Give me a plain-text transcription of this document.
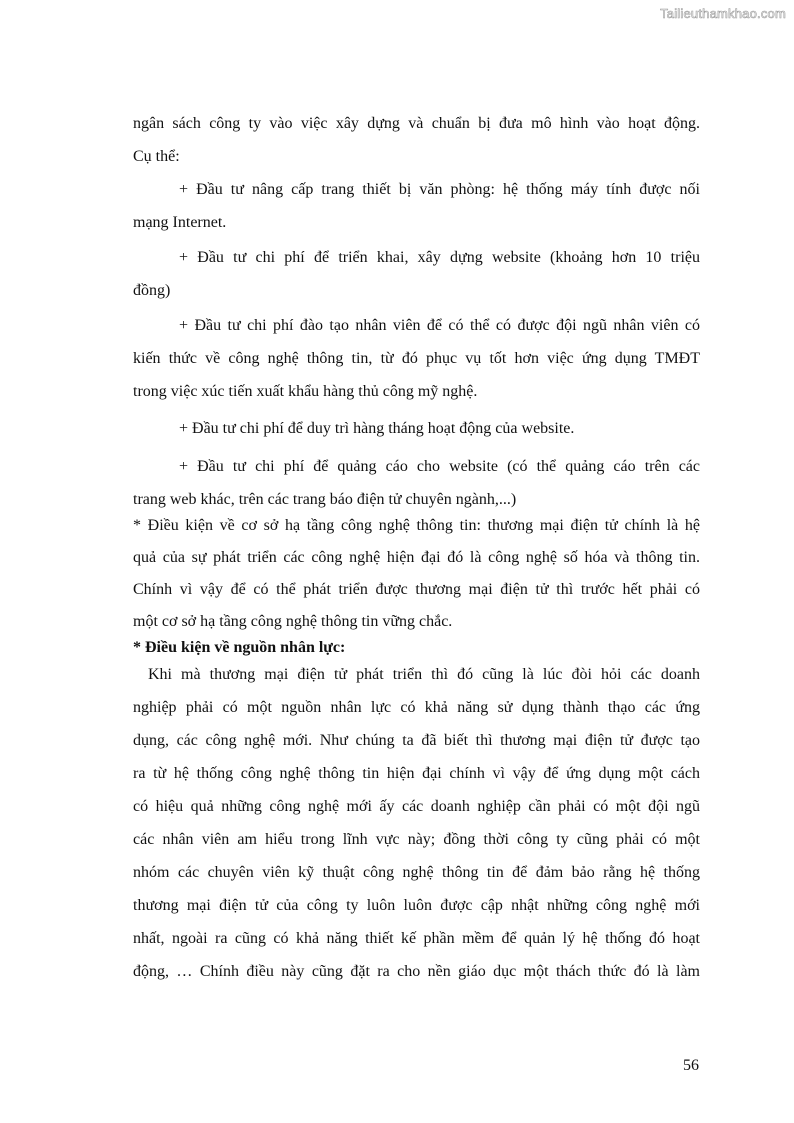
Tailieuthamkhao.com
ngân sách công ty vào việc xây dựng và chuẩn bị đưa mô hình vào hoạt động.
Cụ thể:
+ Đầu tư nâng cấp trang thiết bị văn phòng: hệ thống máy tính được nối
mạng Internet.
+ Đầu tư chi phí để triển khai, xây dựng website (khoảng hơn 10 triệu
đồng)
+ Đầu tư chi phí đào tạo nhân viên để có thể có được đội ngũ nhân viên có
kiến thức về công nghệ thông tin, từ đó phục vụ tốt hơn việc ứng dụng TMĐT
trong việc xúc tiến xuất khẩu hàng thủ công mỹ nghệ.
+ Đầu tư chi phí để duy trì hàng tháng hoạt động của website.
+ Đầu tư chi phí để quảng cáo cho website (có thể quảng cáo trên các
trang web khác, trên các trang báo điện tử chuyên ngành,...)
* Điều kiện về cơ sở hạ tầng công nghệ thông tin: thương mại điện tử chính là hệ
quả của sự phát triển các công nghệ hiện đại đó là công nghệ số hóa và thông tin.
Chính vì vậy để có thể phát triển được thương mại điện tử thì trước hết phải có
một cơ sở hạ tầng công nghệ thông tin vững chắc.
* Điều kiện về nguồn nhân lực:
Khi mà thương mại điện tử phát triển thì đó cũng là lúc đòi hỏi các doanh
nghiệp phải có một nguồn nhân lực có khả năng sử dụng thành thạo các ứng
dụng, các công nghệ mới. Như chúng ta đã biết thì thương mại điện tử được tạo
ra từ hệ thống công nghệ thông tin hiện đại chính vì vậy để ứng dụng một cách
có hiệu quả những công nghệ mới ấy các doanh nghiệp cần phải có một đội ngũ
các nhân viên am hiểu trong lĩnh vực này; đồng thời công ty cũng phải có một
nhóm các chuyên viên kỹ thuật công nghệ thông tin để đảm bảo rằng hệ thống
thương mại điện tử của công ty luôn luôn được cập nhật những công nghệ mới
nhất, ngoài ra cũng có khả năng thiết kế phần mềm để quản lý hệ thống đó hoạt
động, … Chính điều này cũng đặt ra cho nền giáo dục một thách thức đó là làm
56
